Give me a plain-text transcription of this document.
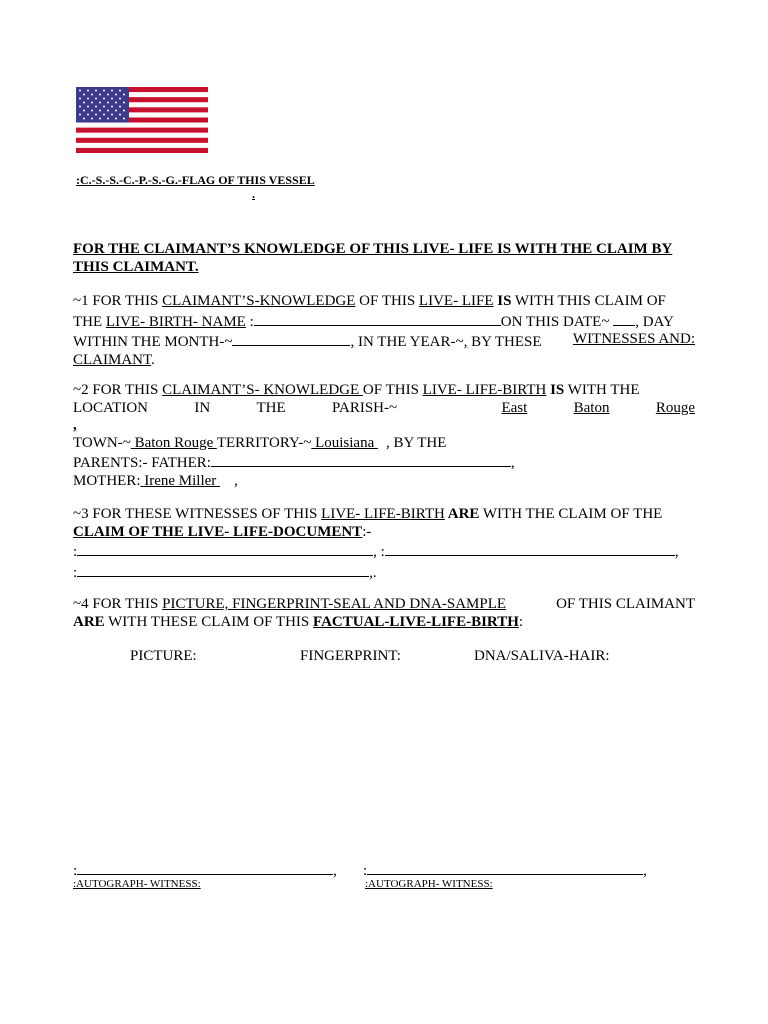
:C.-S.-S.-C.-P.-S.-G.-FLAG OF THIS VESSEL
.
FOR THE CLAIMANT’S KNOWLEDGE OF THIS LIVE- LIFE IS WITH THE CLAIM BY THIS CLAIMANT.
~1 FOR THIS CLAIMANT’S-KNOWLEDGE OF THIS LIVE- LIFE IS WITH THIS CLAIM OF
THE LIVE- BIRTH- NAME :	ON THIS DATE~ , DAY
WITHIN THE MONTH-~	, IN THE YEAR-~, BY THESE WITNESSES AND:
CLAIMANT.
~2 FOR THIS CLAIMANT’S- KNOWLEDGE OF THIS LIVE- LIFE-BIRTH IS WITH THE
LOCATION	IN	THE	PARISH-~	East	Baton	Rouge
,
TOWN-~ Baton Rouge TERRITORY-~ Louisiana , BY THE
PARENTS:- FATHER:	,
MOTHER: Irene Miller ,
~3 FOR THESE WITNESSES OF THIS LIVE- LIFE-BIRTH ARE WITH THE CLAIM OF THE
CLAIM OF THE LIVE- LIFE-DOCUMENT:-
:	, :	,
:	,.
~4 FOR THIS PICTURE, FINGERPRINT-SEAL AND DNA-SAMPLE	OF THIS CLAIMANT
ARE WITH THESE CLAIM OF THIS FACTUAL-LIVE-LIFE-BIRTH:
PICTURE:	FINGERPRINT:	DNA/SALIVA-HAIR:
:	,
:AUTOGRAPH- WITNESS:
:	,
:AUTOGRAPH- WITNESS:
